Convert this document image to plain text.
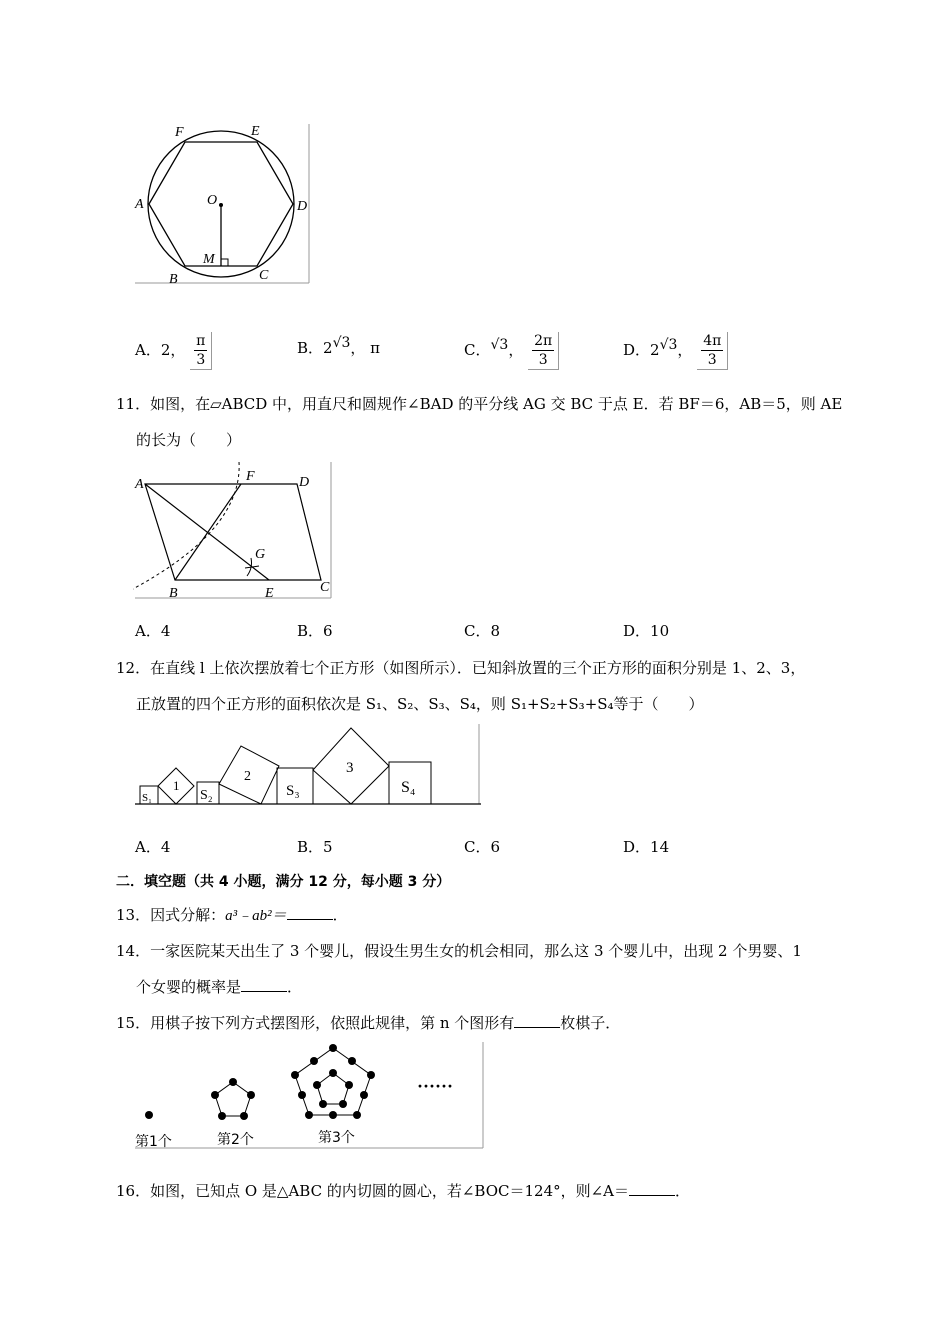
F	E
A	D
O
M
B	C
A．2， $\frac{\pi}{3}$	B．$2^{√3}$， π	C．$^{√3}$， $\frac{2\pi}{3}$	D．$2^{√3}$， $\frac{4\pi}{3}$
11．如图，在▱ABCD 中，用直尺和圆规作∠BAD 的平分线 AG 交 BC 于点 E．若 BF＝6，AB＝5，则 AE
的长为（　　）
A
F	D
G
B	E	C
A．4	B．6	C．8	D．10
12．在直线 l 上依次摆放着七个正方形（如图所示）．已知斜放置的三个正方形的面积分别是 1、2、3，
正放置的四个正方形的面积依次是 S₁、S₂、S₃、S₄，则 S₁+S₂+S₃+S₄等于（　　）
S₁
1
S₂
2
S₃
3
S₄
A．4	B．5	C．6	D．14
二．填空题（共 4 小题，满分 12 分，每小题 3 分）
13．因式分解：a³﹣ab²＝	．
14．一家医院某天出生了 3 个婴儿，假设生男生女的机会相同，那么这 3 个婴儿中，出现 2 个男婴、1
个女婴的概率是	．
15．用棋子按下列方式摆图形，依照此规律，第 n 个图形有	枚棋子．
······
第1个	第2个	第3个
16．如图，已知点 O 是△ABC 的内切圆的圆心，若∠BOC＝124°，则∠A＝	．
